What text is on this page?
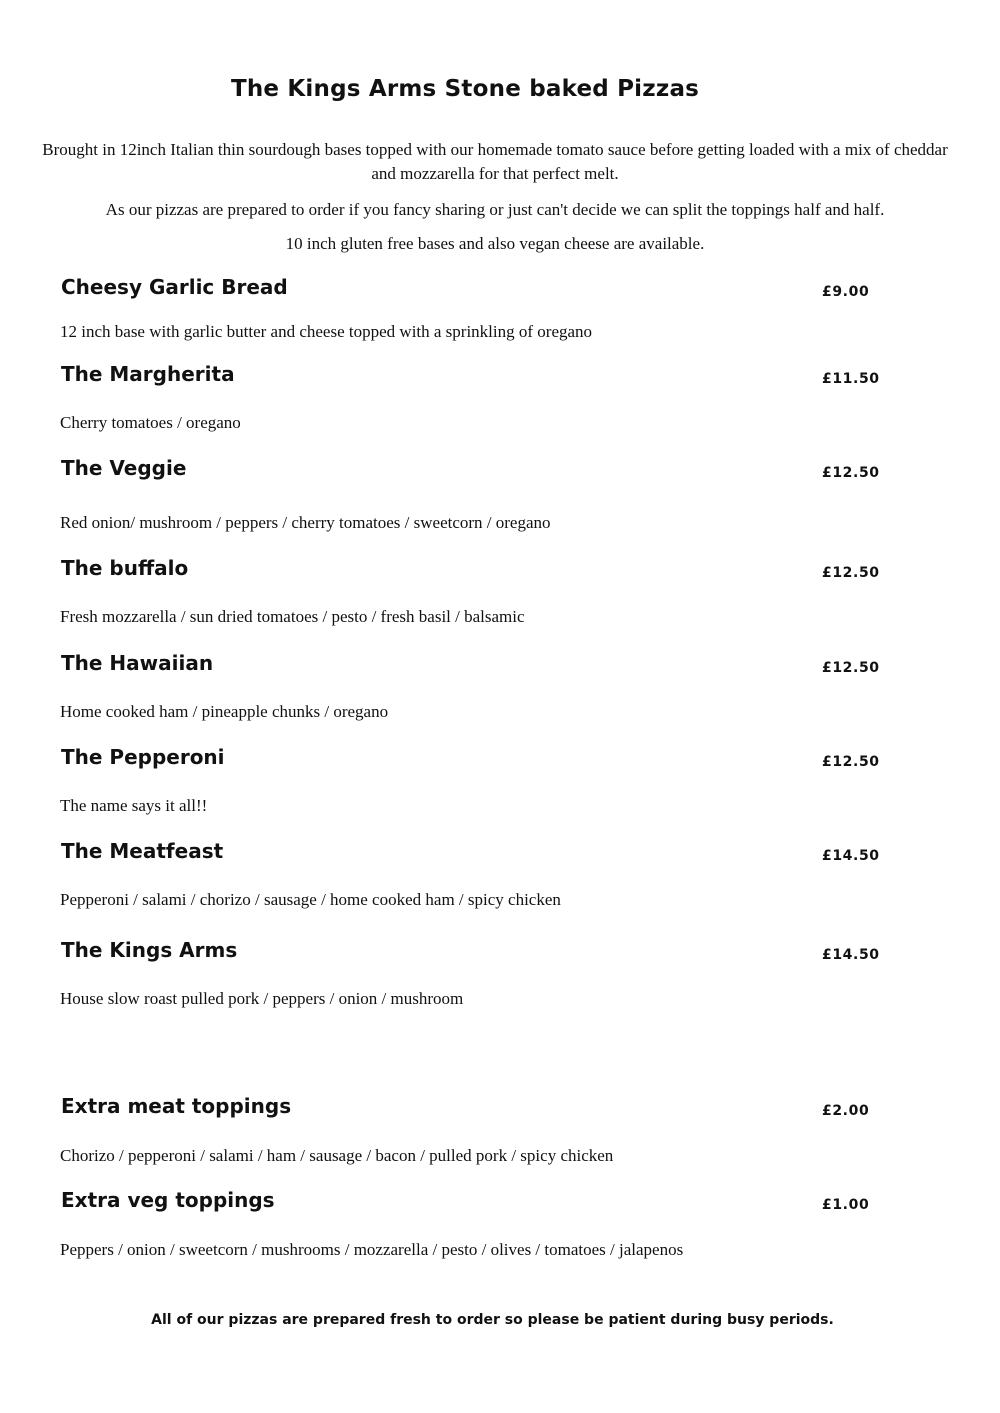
The Kings Arms Stone baked Pizzas
Brought in 12inch Italian thin sourdough bases topped with our homemade tomato sauce before getting loaded with a mix of cheddar and mozzarella for that perfect melt.
As our pizzas are prepared to order if you fancy sharing or just can't decide we can split the toppings half and half.
10 inch gluten free bases and also vegan cheese are available.
Cheesy Garlic Bread	£9.00
12 inch base with garlic butter and cheese topped with a sprinkling of oregano
The Margherita	£11.50
Cherry tomatoes / oregano
The Veggie	£12.50
Red onion/ mushroom / peppers / cherry tomatoes / sweetcorn / oregano
The buffalo	£12.50
Fresh mozzarella / sun dried tomatoes / pesto / fresh basil / balsamic
The Hawaiian	£12.50
Home cooked ham / pineapple chunks / oregano
The Pepperoni	£12.50
The name says it all!!
The Meatfeast	£14.50
Pepperoni / salami / chorizo / sausage / home cooked ham / spicy chicken
The Kings Arms	£14.50
House slow roast pulled pork / peppers / onion / mushroom
Extra meat toppings	£2.00
Chorizo / pepperoni / salami / ham / sausage / bacon / pulled pork / spicy chicken
Extra veg toppings	£1.00
Peppers / onion / sweetcorn / mushrooms / mozzarella / pesto / olives / tomatoes / jalapenos
All of our pizzas are prepared fresh to order so please be patient during busy periods.
